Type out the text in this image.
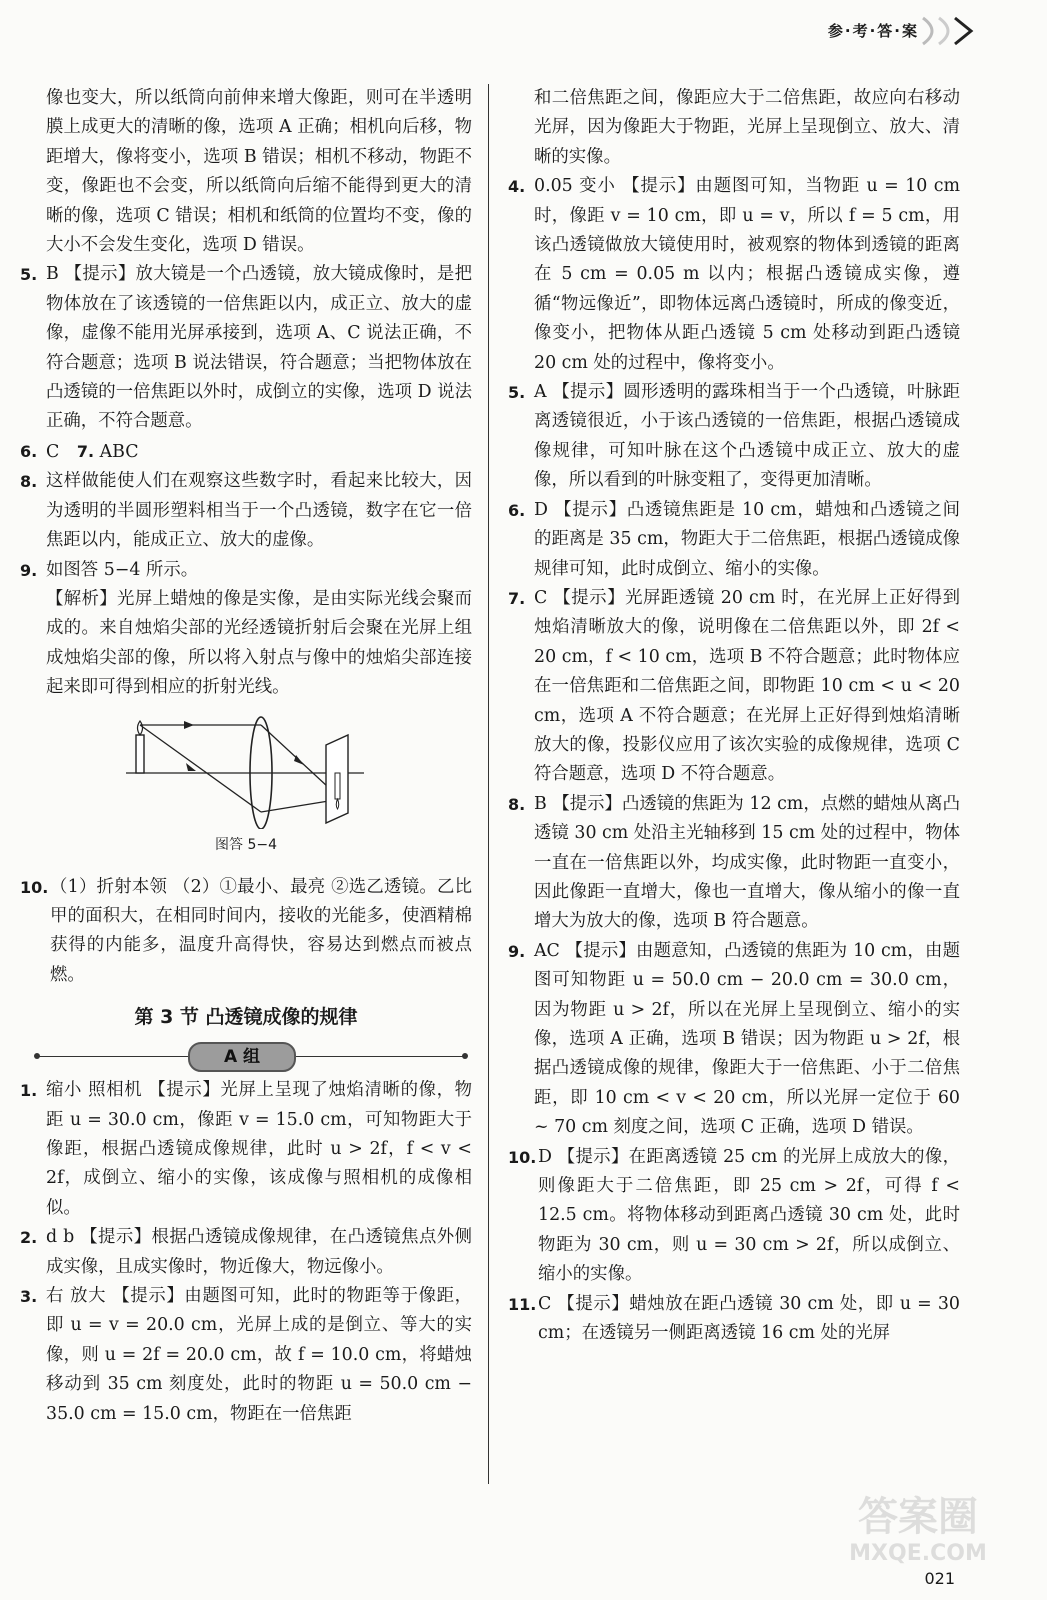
参·考·答·案
像也变大，所以纸筒向前伸来增大像距，则可在半透明膜上成更大的清晰的像，选项 A 正确；相机向后移，物距增大，像将变小，选项 B 错误；相机不移动，物距不变，像距也不会变，所以纸筒向后缩不能得到更大的清晰的像，选项 C 错误；相机和纸筒的位置均不变，像的大小不会发生变化，选项 D 错误。
5. B 【提示】放大镜是一个凸透镜，放大镜成像时，是把物体放在了该透镜的一倍焦距以内，成正立、放大的虚像，虚像不能用光屏承接到，选项 A、C 说法正确，不符合题意；选项 B 说法错误，符合题意；当把物体放在凸透镜的一倍焦距以外时，成倒立的实像，选项 D 说法正确，不符合题意。
6. C 7. ABC
8. 这样做能使人们在观察这些数字时，看起来比较大，因为透明的半圆形塑料相当于一个凸透镜，数字在它一倍焦距以内，能成正立、放大的虚像。
9. 如图答 5−4 所示。
【解析】光屏上蜡烛的像是实像，是由实际光线会聚而成的。来自烛焰尖部的光经透镜折射后会聚在光屏上组成烛焰尖部的像，所以将入射点与像中的烛焰尖部连接起来即可得到相应的折射光线。
图答 5−4
10. （1）折射本领 （2）①最小、最亮 ②选乙透镜。乙比甲的面积大，在相同时间内，接收的光能多，使酒精棉获得的内能多，温度升高得快，容易达到燃点而被点燃。
第 3 节 凸透镜成像的规律
A 组
1. 缩小 照相机 【提示】光屏上呈现了烛焰清晰的像，物距 u = 30.0 cm，像距 v = 15.0 cm，可知物距大于像距，根据凸透镜成像规律，此时 u > 2f，f < v < 2f，成倒立、缩小的实像，该成像与照相机的成像相似。
2. d b 【提示】根据凸透镜成像规律，在凸透镜焦点外侧成实像，且成实像时，物近像大，物远像小。
3. 右 放大 【提示】由题图可知，此时的物距等于像距，即 u = v = 20.0 cm，光屏上成的是倒立、等大的实像，则 u = 2f = 20.0 cm，故 f = 10.0 cm，将蜡烛移动到 35 cm 刻度处，此时的物距 u = 50.0 cm − 35.0 cm = 15.0 cm，物距在一倍焦距
和二倍焦距之间，像距应大于二倍焦距，故应向右移动光屏，因为像距大于物距，光屏上呈现倒立、放大、清晰的实像。
4. 0.05 变小 【提示】由题图可知，当物距 u = 10 cm 时，像距 v = 10 cm，即 u = v，所以 f = 5 cm，用该凸透镜做放大镜使用时，被观察的物体到透镜的距离在 5 cm = 0.05 m 以内；根据凸透镜成实像，遵循“物远像近”，即物体远离凸透镜时，所成的像变近，像变小，把物体从距凸透镜 5 cm 处移动到距凸透镜 20 cm 处的过程中，像将变小。
5. A 【提示】圆形透明的露珠相当于一个凸透镜，叶脉距离透镜很近，小于该凸透镜的一倍焦距，根据凸透镜成像规律，可知叶脉在这个凸透镜中成正立、放大的虚像，所以看到的叶脉变粗了，变得更加清晰。
6. D 【提示】凸透镜焦距是 10 cm，蜡烛和凸透镜之间的距离是 35 cm，物距大于二倍焦距，根据凸透镜成像规律可知，此时成倒立、缩小的实像。
7. C 【提示】光屏距透镜 20 cm 时，在光屏上正好得到烛焰清晰放大的像，说明像在二倍焦距以外，即 2f < 20 cm，f < 10 cm，选项 B 不符合题意；此时物体应在一倍焦距和二倍焦距之间，即物距 10 cm < u < 20 cm，选项 A 不符合题意；在光屏上正好得到烛焰清晰放大的像，投影仪应用了该次实验的成像规律，选项 C 符合题意，选项 D 不符合题意。
8. B 【提示】凸透镜的焦距为 12 cm，点燃的蜡烛从离凸透镜 30 cm 处沿主光轴移到 15 cm 处的过程中，物体一直在一倍焦距以外，均成实像，此时物距一直变小，因此像距一直增大，像也一直增大，像从缩小的像一直增大为放大的像，选项 B 符合题意。
9. AC 【提示】由题意知，凸透镜的焦距为 10 cm，由题图可知物距 u = 50.0 cm − 20.0 cm = 30.0 cm，因为物距 u > 2f，所以在光屏上呈现倒立、缩小的实像，选项 A 正确，选项 B 错误；因为物距 u > 2f，根据凸透镜成像的规律，像距大于一倍焦距、小于二倍焦距，即 10 cm < v < 20 cm，所以光屏一定位于 60 ~ 70 cm 刻度之间，选项 C 正确，选项 D 错误。
10. D 【提示】在距离透镜 25 cm 的光屏上成放大的像，则像距大于二倍焦距，即 25 cm > 2f，可得 f < 12.5 cm。将物体移动到距离凸透镜 30 cm 处，此时物距为 30 cm，则 u = 30 cm > 2f，所以成倒立、缩小的实像。
11. C 【提示】蜡烛放在距凸透镜 30 cm 处，即 u = 30 cm；在透镜另一侧距离透镜 16 cm 处的光屏
答案圈
MXQE.COM
021
